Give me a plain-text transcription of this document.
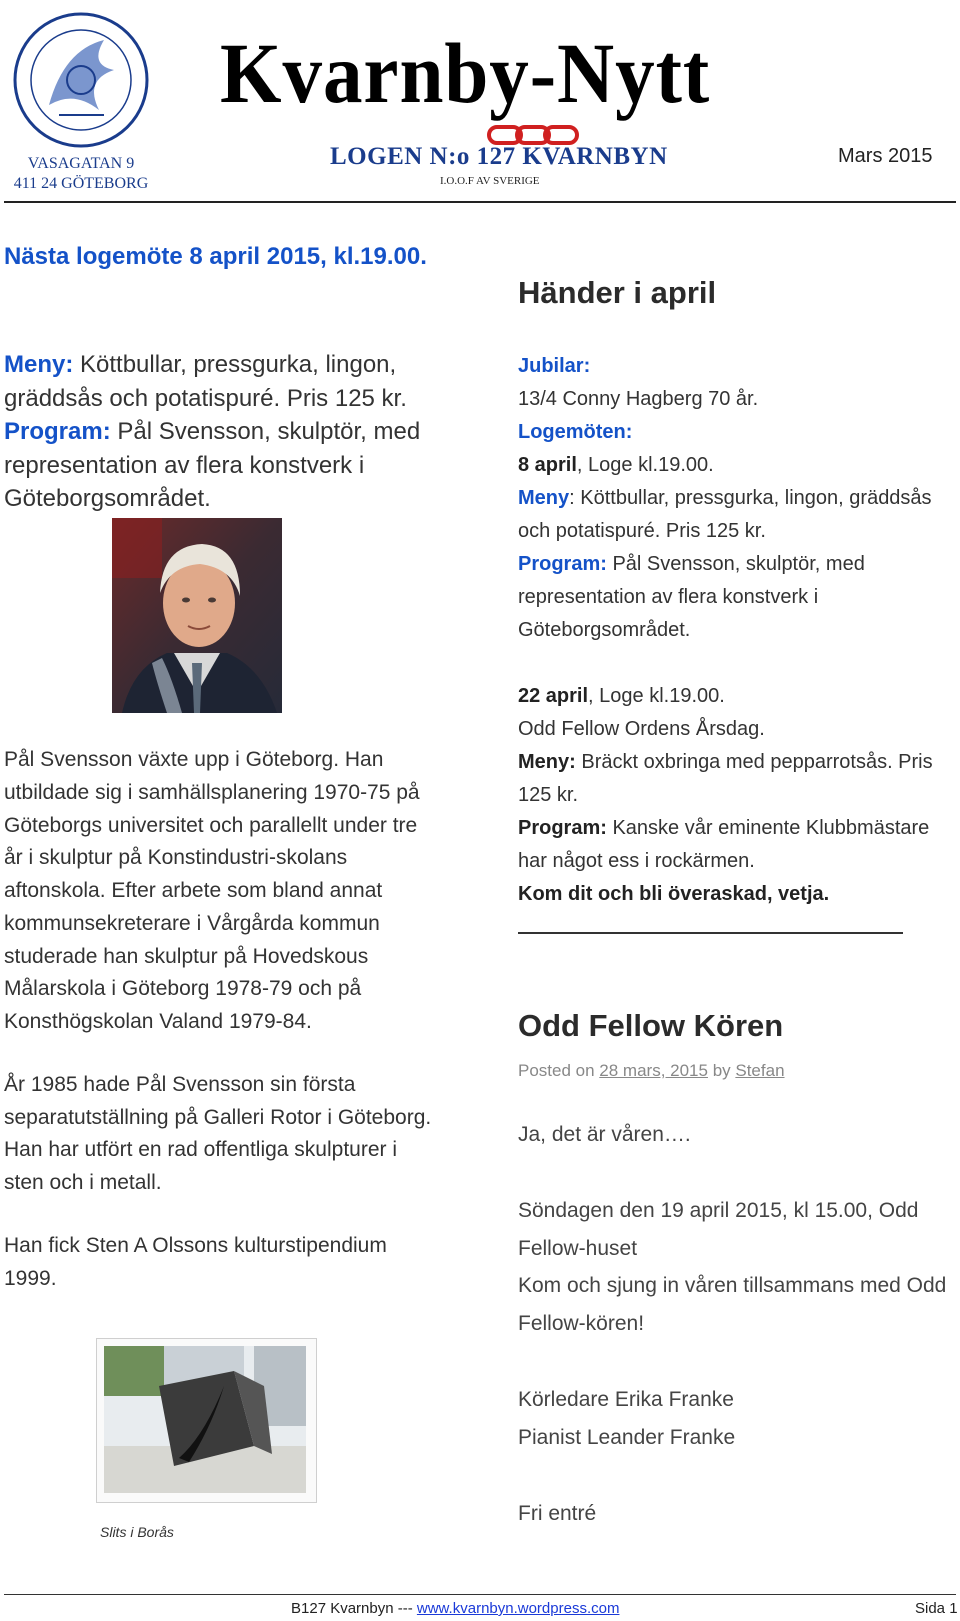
VASAGATAN 9
411 24 GÖTEBORG
Kvarnby-Nytt
LOGEN N:o 127 KVARNBYN
I.O.O.F AV SVERIGE
Mars 2015
Nästa logemöte 8 april 2015, kl.19.00.
Meny: Köttbullar, pressgurka, lingon, gräddsås och potatispuré. Pris 125 kr. Program: Pål Svensson, skulptör, med representation av flera konstverk i Göteborgsområdet.

Pål Svensson växte upp i Göteborg. Han utbildade sig i samhällsplanering 1970-75 på Göteborgs universitet och parallellt under tre år i skulptur på Konstindustri-skolans aftonskola. Efter arbete som bland annat kommunsekreterare i Vårgårda kommun studerade han skulptur på Hovedskous Målarskola i Göteborg 1978-79 och på Konsthögskolan Valand 1979-84.

År 1985 hade Pål Svensson sin första separatutställning på Galleri Rotor i Göteborg. Han har utfört en rad offentliga skulpturer i sten och i metall.

Han fick Sten A Olssons kulturstipendium 1999.

Slits i Borås
Händer i april
Jubilar:
13/4 Conny Hagberg 70 år.
Logemöten:
8 april, Loge kl.19.00.
Meny: Köttbullar, pressgurka, lingon, gräddsås och potatispuré. Pris 125 kr.
Program: Pål Svensson, skulptör, med representation av flera konstverk i Göteborgsområdet.
22 april, Loge kl.19.00.
Odd Fellow Ordens Årsdag.
Meny: Bräckt oxbringa med pepparrotsås. Pris 125 kr.
Program: Kanske vår eminente Klubbmästare har något ess i rockärmen.
Kom dit och bli överaskad, vetja.
Odd Fellow Kören
Posted on 28 mars, 2015 by Stefan

Ja, det är våren….

Söndagen den 19 april 2015, kl 15.00, Odd Fellow-huset

Kom och sjung in våren tillsammans med Odd Fellow-kören!

Körledare Erika Franke

Pianist Leander Franke

Fri entré

B127 Kvarnbyn --- www.kvarnbyn.wordpress.com	Sida 1
